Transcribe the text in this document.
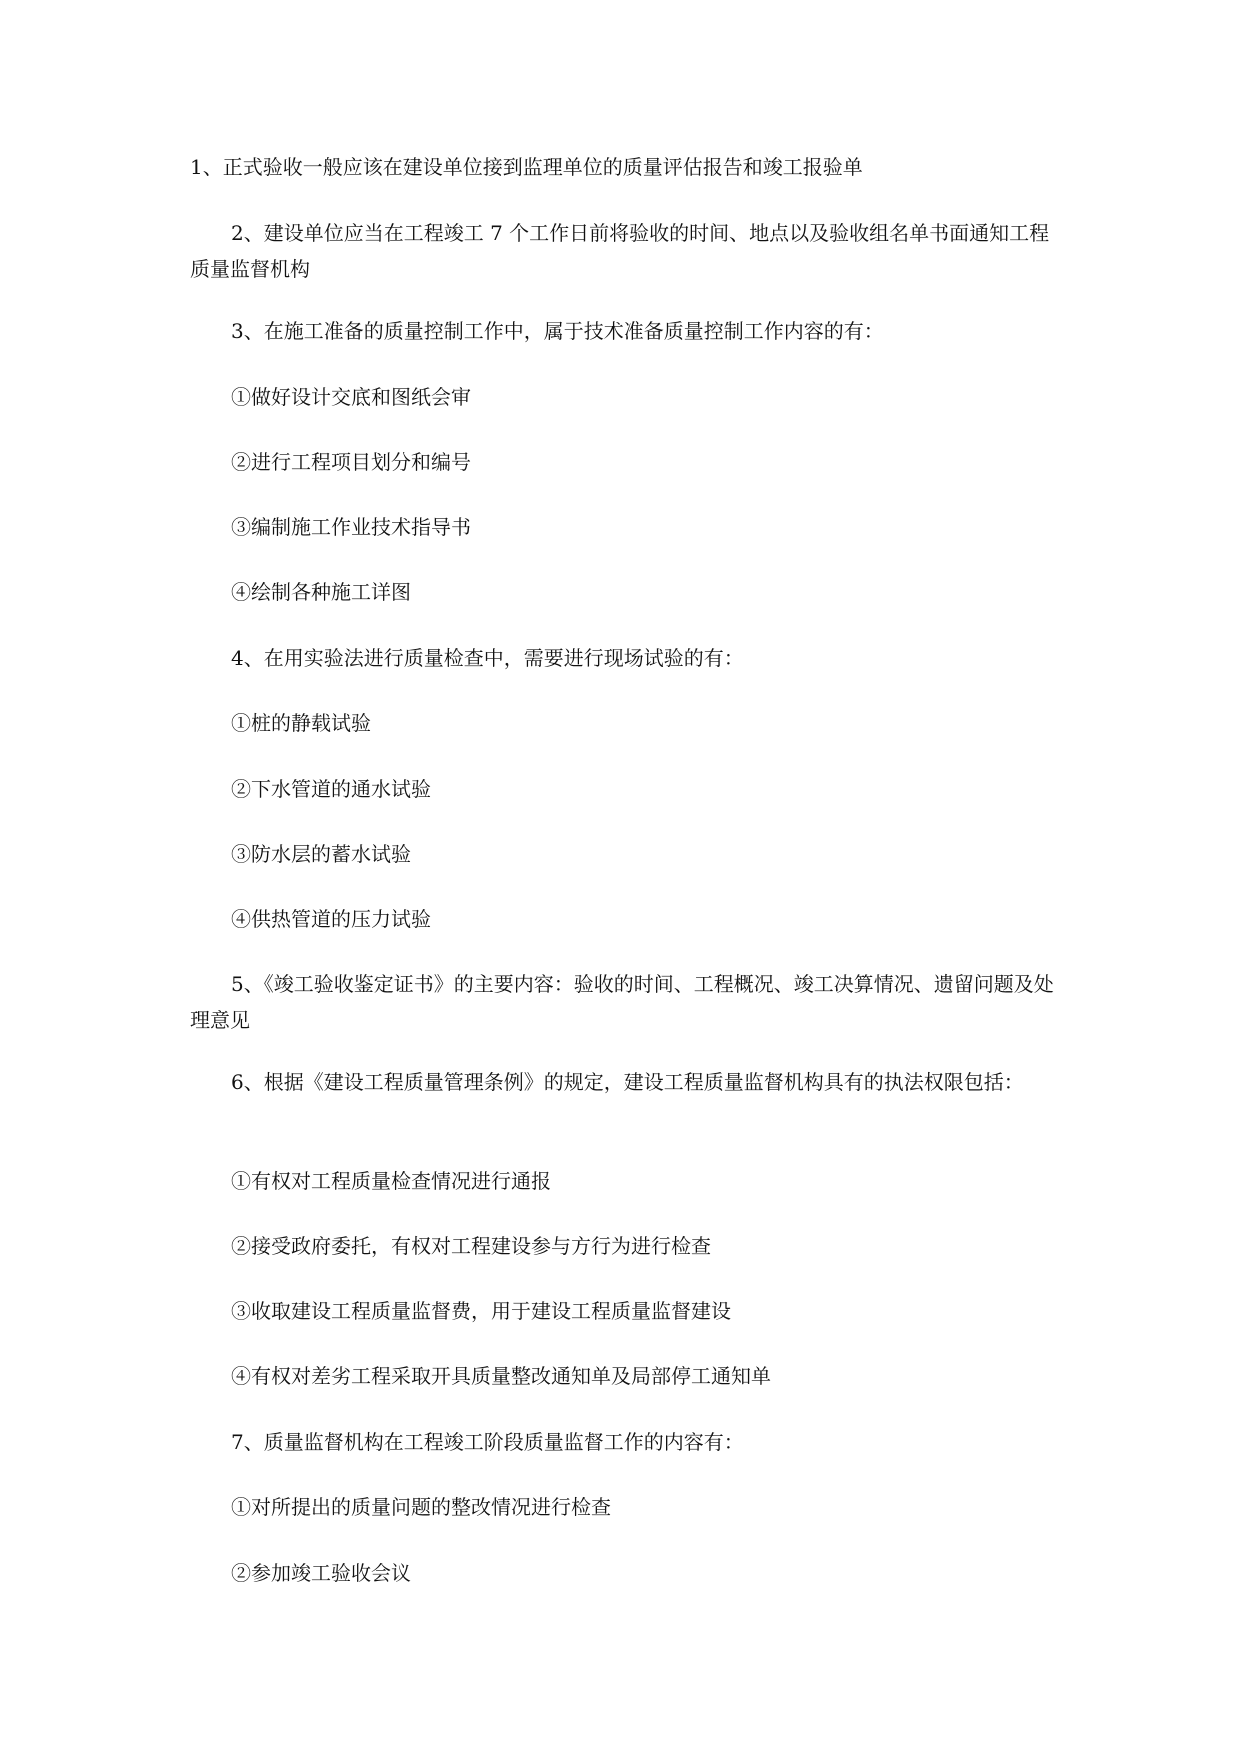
1、正式验收一般应该在建设单位接到监理单位的质量评估报告和竣工报验单

2、建设单位应当在工程竣工 7 个工作日前将验收的时间、地点以及验收组名单书面通知工程质量监督机构

3、在施工准备的质量控制工作中，属于技术准备质量控制工作内容的有：

①做好设计交底和图纸会审

②进行工程项目划分和编号

③编制施工作业技术指导书

④绘制各种施工详图

4、在用实验法进行质量检查中，需要进行现场试验的有：

①桩的静载试验

②下水管道的通水试验

③防水层的蓄水试验

④供热管道的压力试验

5、《竣工验收鉴定证书》的主要内容：验收的时间、工程概况、竣工决算情况、遗留问题及处理意见

6、根据《建设工程质量管理条例》的规定，建设工程质量监督机构具有的执法权限包括：

①有权对工程质量检查情况进行通报

②接受政府委托，有权对工程建设参与方行为进行检查

③收取建设工程质量监督费，用于建设工程质量监督建设

④有权对差劣工程采取开具质量整改通知单及局部停工通知单

7、质量监督机构在工程竣工阶段质量监督工作的内容有：

①对所提出的质量问题的整改情况进行检查

②参加竣工验收会议
